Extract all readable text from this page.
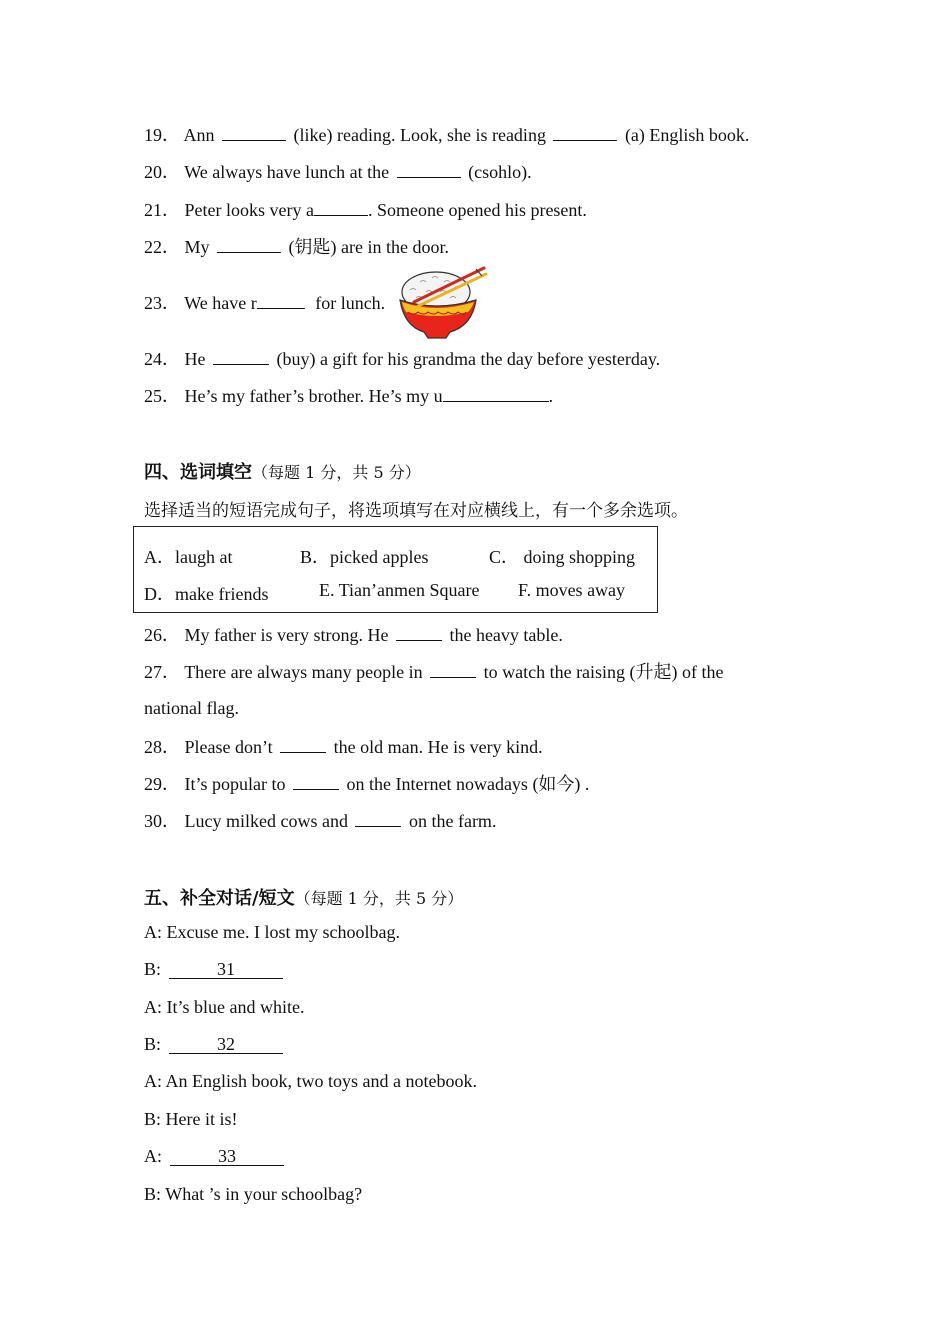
19． Ann	(like) reading. Look, she is reading	(a) English book.
20． We always have lunch at the	(csohlo).
21． Peter looks very a	. Someone opened his present.
22． My	(钥匙) are in the door.
23． We have r	for lunch.
24． He	(buy) a gift for his grandma the day before yesterday.
25． He’s my father’s brother. He’s my u	.
四、选词填空（每题 1 分，共 5 分）
选择适当的短语完成句子，将选项填写在对应横线上，有一个多余选项。
A．laugh at	B．picked apples	C． doing shopping
D．make friends	E. Tian’anmen Square F. moves away
26． My father is very strong. He	the heavy table.
27． There are always many people in	to watch the raising (升起) of the
national flag.
28． Please don’t	the old man. He is very kind.
29． It’s popular to	on the Internet nowadays (如今) .
30． Lucy milked cows and	on the farm.
五、补全对话/短文（每题 1 分，共 5 分）
A: Excuse me. I lost my schoolbag.
B:	31
A: It’s blue and white.
B:	32
A: An English book, two toys and a notebook.
B: Here it is!
A:	33
B: What ’s in your schoolbag?
